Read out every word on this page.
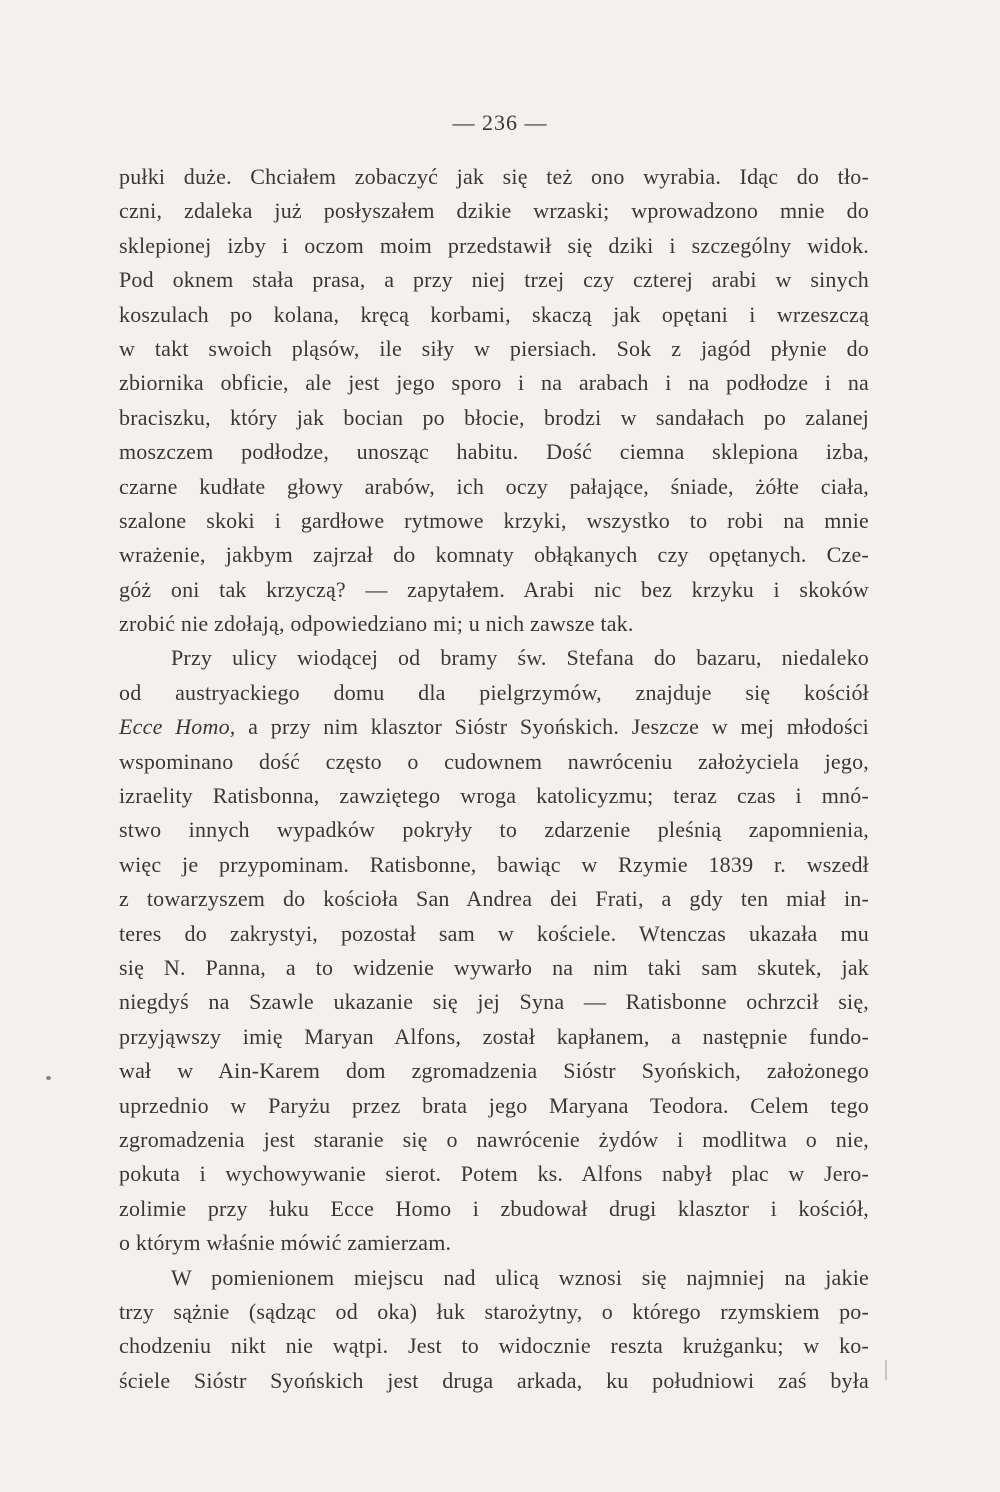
— 236 —
pułki duże. Chciałem zobaczyć jak się też ono wyrabia. Idąc do tło-
czni, zdaleka już posłyszałem dzikie wrzaski; wprowadzono mnie do
sklepionej izby i oczom moim przedstawił się dziki i szczególny widok.
Pod oknem stała prasa, a przy niej trzej czy czterej arabi w sinych
koszulach po kolana, kręcą korbami, skaczą jak opętani i wrzeszczą
w takt swoich pląsów, ile siły w piersiach. Sok z jagód płynie do
zbiornika obficie, ale jest jego sporo i na arabach i na podłodze i na
braciszku, który jak bocian po błocie, brodzi w sandałach po zalanej
moszczem podłodze, unosząc habitu. Dość ciemna sklepiona izba,
czarne kudłate głowy arabów, ich oczy pałające, śniade, żółte ciała,
szalone skoki i gardłowe rytmowe krzyki, wszystko to robi na mnie
wrażenie, jakbym zajrzał do komnaty obłąkanych czy opętanych. Cze-
góż oni tak krzyczą? — zapytałem. Arabi nic bez krzyku i skoków
zrobić nie zdołają, odpowiedziano mi; u nich zawsze tak.
Przy ulicy wiodącej od bramy św. Stefana do bazaru, niedaleko
od austryackiego domu dla pielgrzymów, znajduje się kościół
Ecce Homo, a przy nim klasztor Sióstr Syońskich. Jeszcze w mej młodości
wspominano dość często o cudownem nawróceniu założyciela jego,
izraelity Ratisbonna, zawziętego wroga katolicyzmu; teraz czas i mnó-
stwo innych wypadków pokryły to zdarzenie pleśnią zapomnienia,
więc je przypominam. Ratisbonne, bawiąc w Rzymie 1839 r. wszedł
z towarzyszem do kościoła San Andrea dei Frati, a gdy ten miał in-
teres do zakrystyi, pozostał sam w kościele. Wtenczas ukazała mu
się N. Panna, a to widzenie wywarło na nim taki sam skutek, jak
niegdyś na Szawle ukazanie się jej Syna — Ratisbonne ochrzcił się,
przyjąwszy imię Maryan Alfons, został kapłanem, a następnie fundo-
wał w Ain-Karem dom zgromadzenia Sióstr Syońskich, założonego
uprzednio w Paryżu przez brata jego Maryana Teodora. Celem tego
zgromadzenia jest staranie się o nawrócenie żydów i modlitwa o nie,
pokuta i wychowywanie sierot. Potem ks. Alfons nabył plac w Jero-
zolimie przy łuku Ecce Homo i zbudował drugi klasztor i kościół,
o którym właśnie mówić zamierzam.
W pomienionem miejscu nad ulicą wznosi się najmniej na jakie
trzy sążnie (sądząc od oka) łuk starożytny, o którego rzymskiem po-
chodzeniu nikt nie wątpi. Jest to widocznie reszta krużganku; w ko-
ściele Sióstr Syońskich jest druga arkada, ku południowi zaś była
